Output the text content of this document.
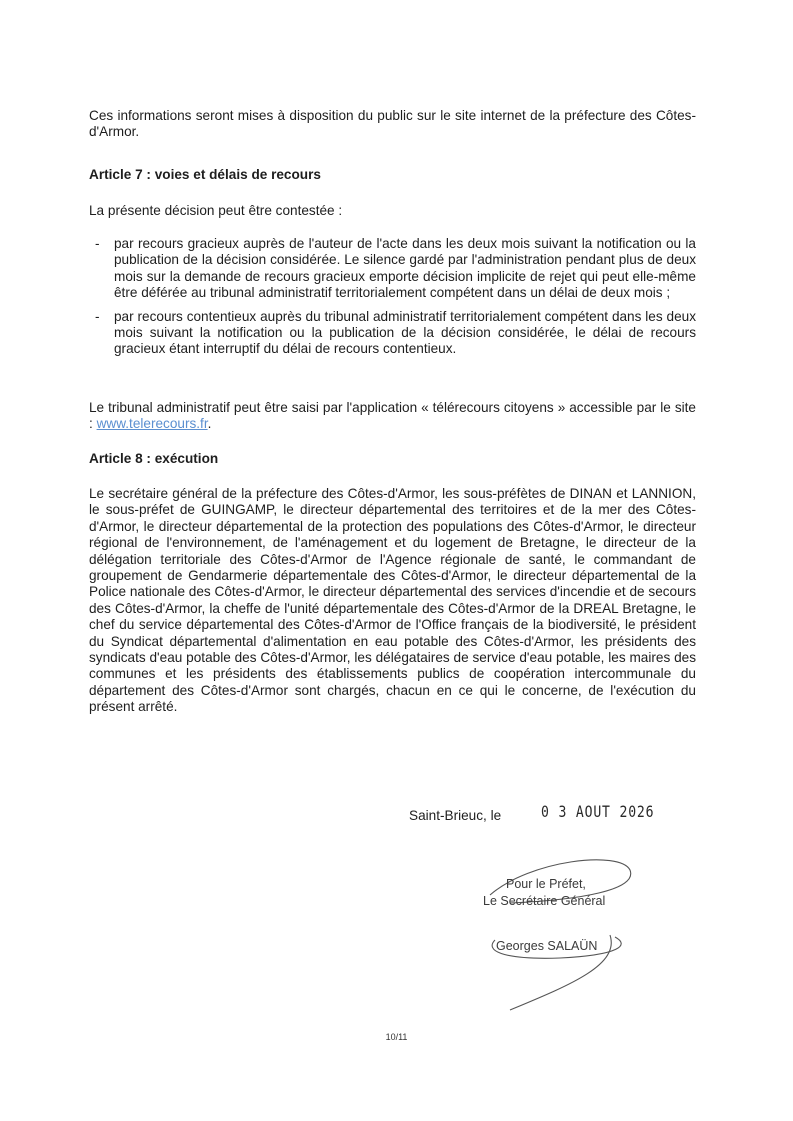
Ces informations seront mises à disposition du public sur le site internet de la préfecture des Côtes-d'Armor.

Article 7 : voies et délais de recours

La présente décision peut être contestée :

- par recours gracieux auprès de l'auteur de l'acte dans les deux mois suivant la notification ou la publication de la décision considérée. Le silence gardé par l'administration pendant plus de deux mois sur la demande de recours gracieux emporte décision implicite de rejet qui peut elle-même être déférée au tribunal administratif territorialement compétent dans un délai de deux mois ;
- par recours contentieux auprès du tribunal administratif territorialement compétent dans les deux mois suivant la notification ou la publication de la décision considérée, le délai de recours gracieux étant interruptif du délai de recours contentieux.

Le tribunal administratif peut être saisi par l'application « télérecours citoyens » accessible par le site : www.telerecours.fr.

Article 8 : exécution

Le secrétaire général de la préfecture des Côtes-d'Armor, les sous-préfètes de DINAN et LANNION, le sous-préfet de GUINGAMP, le directeur départemental des territoires et de la mer des Côtes-d'Armor, le directeur départemental de la protection des populations des Côtes-d'Armor, le directeur régional de l'environnement, de l'aménagement et du logement de Bretagne, le directeur de la délégation territoriale des Côtes-d'Armor de l'Agence régionale de santé, le commandant de groupement de Gendarmerie départementale des Côtes-d'Armor, le directeur départemental de la Police nationale des Côtes-d'Armor, le directeur départemental des services d'incendie et de secours des Côtes-d'Armor, la cheffe de l'unité départementale des Côtes-d'Armor de la DREAL Bretagne, le chef du service départemental des Côtes-d'Armor de l'Office français de la biodiversité, le président du Syndicat départemental d'alimentation en eau potable des Côtes-d'Armor, les présidents des syndicats d'eau potable des Côtes-d'Armor, les délégataires de service d'eau potable, les maires des communes et les présidents des établissements publics de coopération intercommunale du département des Côtes-d'Armor sont chargés, chacun en ce qui le concerne, de l'exécution du présent arrêté.

Saint-Brieuc, le 0 3 AOUT 2026
Pour le Préfet,
Le Secrétaire Général
Georges SALAÜN
10/11
